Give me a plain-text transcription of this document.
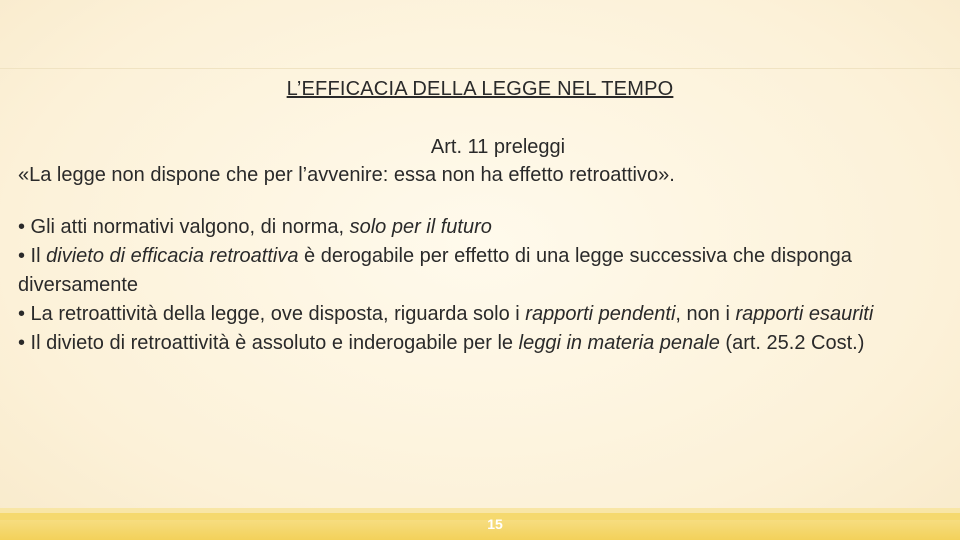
L’EFFICACIA DELLA LEGGE NEL TEMPO
Art. 11 preleggi
«La legge non dispone che per l’avvenire: essa non ha effetto retroattivo».

• Gli atti normativi valgono, di norma, solo per il futuro

• Il divieto di efficacia retroattiva è derogabile per effetto di una legge successiva che disponga diversamente

• La retroattività della legge, ove disposta, riguarda solo i rapporti pendenti, non i rapporti esauriti

• Il divieto di retroattività è assoluto e inderogabile per le leggi in materia penale (art. 25.2 Cost.)

15
